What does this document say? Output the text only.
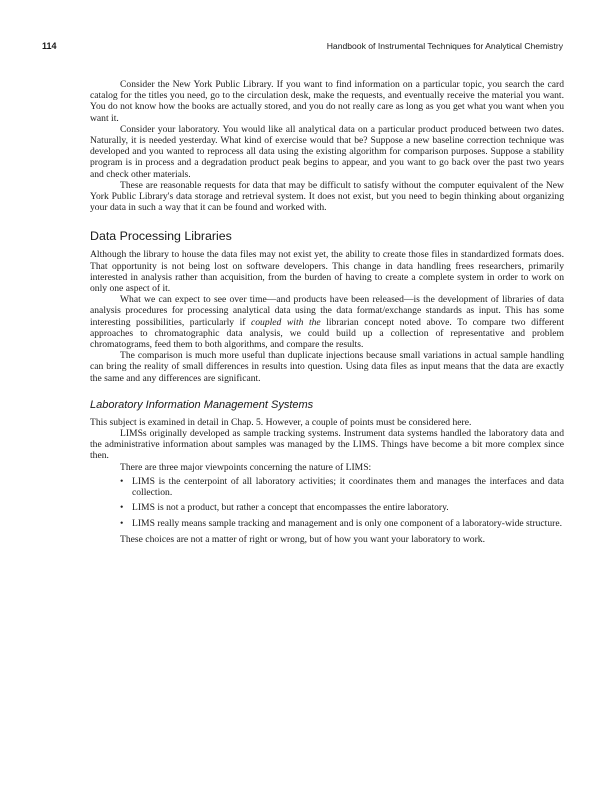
114	Handbook of Instrumental Techniques for Analytical Chemistry

Consider the New York Public Library. If you want to find information on a particular topic, you search the card catalog for the titles you need, go to the circulation desk, make the requests, and eventually receive the material you want. You do not know how the books are actually stored, and you do not really care as long as you get what you want when you want it.

Consider your laboratory. You would like all analytical data on a particular product produced between two dates. Naturally, it is needed yesterday. What kind of exercise would that be? Suppose a new baseline correction technique was developed and you wanted to reprocess all data using the existing algorithm for comparison purposes. Suppose a stability program is in process and a degradation product peak begins to appear, and you want to go back over the past two years and check other materials.

These are reasonable requests for data that may be difficult to satisfy without the computer equivalent of the New York Public Library's data storage and retrieval system. It does not exist, but you need to begin thinking about organizing your data in such a way that it can be found and worked with.

Data Processing Libraries

Although the library to house the data files may not exist yet, the ability to create those files in standardized formats does. That opportunity is not being lost on software developers. This change in data handling frees researchers, primarily interested in analysis rather than acquisition, from the burden of having to create a complete system in order to work on only one aspect of it.

What we can expect to see over time—and products have been released—is the development of libraries of data analysis procedures for processing analytical data using the data format/exchange standards as input. This has some interesting possibilities, particularly if coupled with the librarian concept noted above. To compare two different approaches to chromatographic data analysis, we could build up a collection of representative and problem chromatograms, feed them to both algorithms, and compare the results.

The comparison is much more useful than duplicate injections because small variations in actual sample handling can bring the reality of small differences in results into question. Using data files as input means that the data are exactly the same and any differences are significant.

Laboratory Information Management Systems

This subject is examined in detail in Chap. 5. However, a couple of points must be considered here.

LIMSs originally developed as sample tracking systems. Instrument data systems handled the laboratory data and the administrative information about samples was managed by the LIMS. Things have become a bit more complex since then.

There are three major viewpoints concerning the nature of LIMS:

• LIMS is the centerpoint of all laboratory activities; it coordinates them and manages the interfaces and data collection.
• LIMS is not a product, but rather a concept that encompasses the entire laboratory.
• LIMS really means sample tracking and management and is only one component of a laboratory-wide structure.

These choices are not a matter of right or wrong, but of how you want your laboratory to work.
